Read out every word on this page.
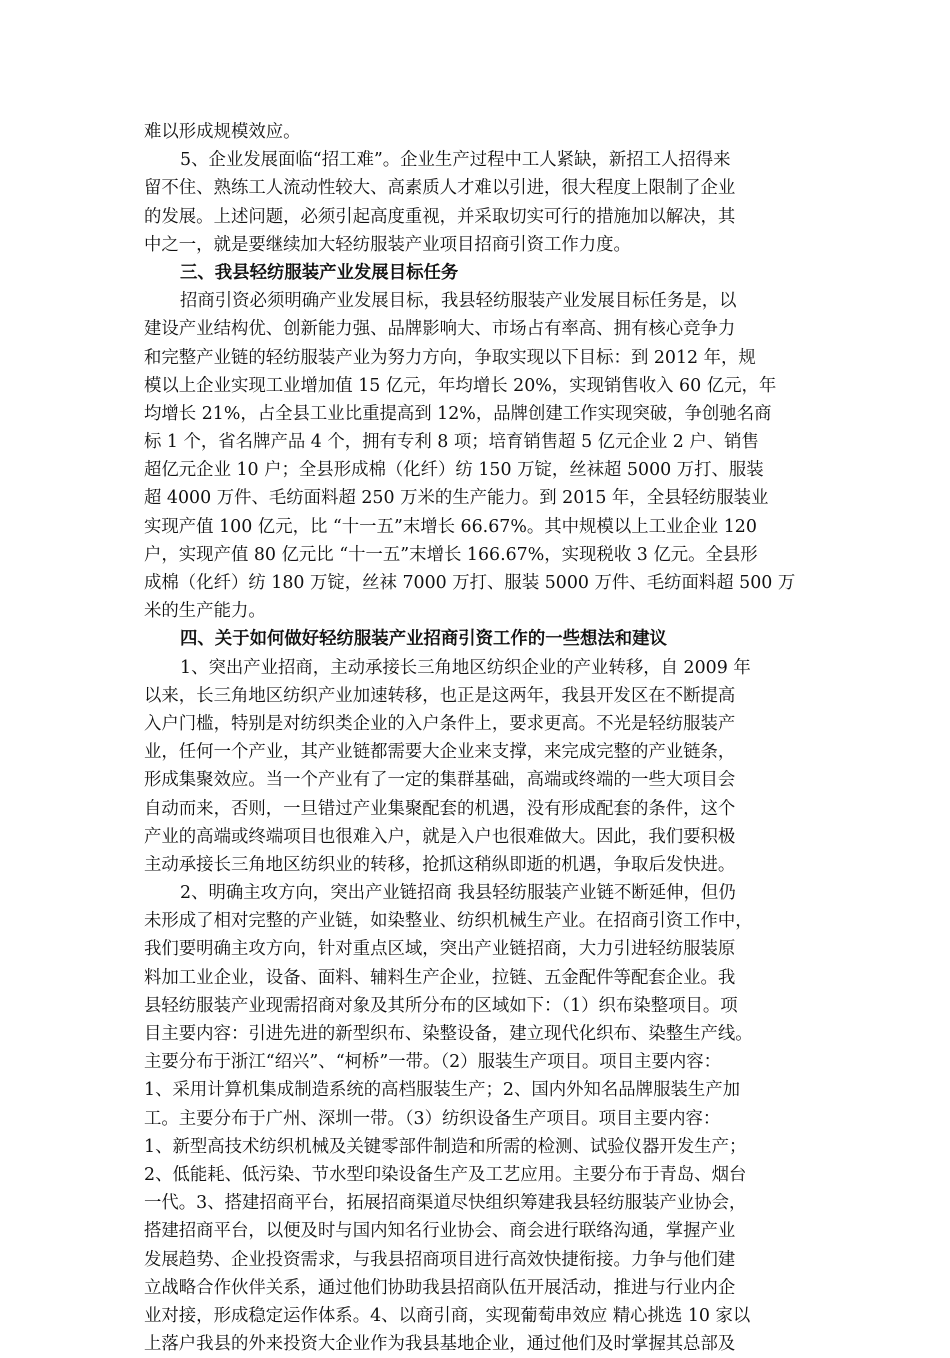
难以形成规模效应。
5、企业发展面临“招工难”。企业生产过程中工人紧缺，新招工人招得来
留不住、熟练工人流动性较大、高素质人才难以引进，很大程度上限制了企业
的发展。上述问题，必须引起高度重视，并采取切实可行的措施加以解决，其
中之一，就是要继续加大轻纺服装产业项目招商引资工作力度。
三、我县轻纺服装产业发展目标任务
招商引资必须明确产业发展目标，我县轻纺服装产业发展目标任务是，以
建设产业结构优、创新能力强、品牌影响大、市场占有率高、拥有核心竞争力
和完整产业链的轻纺服装产业为努力方向，争取实现以下目标：到 2012 年，规
模以上企业实现工业增加值 15 亿元，年均增长 20%，实现销售收入 60 亿元，年
均增长 21%，占全县工业比重提高到 12%，品牌创建工作实现突破，争创驰名商
标 1 个，省名牌产品 4 个，拥有专利 8 项；培育销售超 5 亿元企业 2 户、销售
超亿元企业 10 户；全县形成棉（化纤）纺 150 万锭，丝袜超 5000 万打、服装
超 4000 万件、毛纺面料超 250 万米的生产能力。到 2015 年，全县轻纺服装业
实现产值 100 亿元，比 “十一五”末增长 66.67%。其中规模以上工业企业 120
户，实现产值 80 亿元比 “十一五”末增长 166.67%，实现税收 3 亿元。全县形
成棉（化纤）纺 180 万锭，丝袜 7000 万打、服装 5000 万件、毛纺面料超 500 万
米的生产能力。
四、关于如何做好轻纺服装产业招商引资工作的一些想法和建议
1、突出产业招商，主动承接长三角地区纺织企业的产业转移，自 2009 年
以来，长三角地区纺织产业加速转移，也正是这两年，我县开发区在不断提高
入户门槛，特别是对纺织类企业的入户条件上，要求更高。不光是轻纺服装产
业，任何一个产业，其产业链都需要大企业来支撑，来完成完整的产业链条，
形成集聚效应。当一个产业有了一定的集群基础，高端或终端的一些大项目会
自动而来，否则，一旦错过产业集聚配套的机遇，没有形成配套的条件，这个
产业的高端或终端项目也很难入户，就是入户也很难做大。因此，我们要积极
主动承接长三角地区纺织业的转移，抢抓这稍纵即逝的机遇，争取后发快进。
2、明确主攻方向，突出产业链招商 我县轻纺服装产业链不断延伸，但仍
未形成了相对完整的产业链，如染整业、纺织机械生产业。在招商引资工作中，
我们要明确主攻方向，针对重点区域，突出产业链招商，大力引进轻纺服装原
料加工业企业，设备、面料、辅料生产企业，拉链、五金配件等配套企业。我
县轻纺服装产业现需招商对象及其所分布的区域如下：（1）织布染整项目。项
目主要内容：引进先进的新型织布、染整设备，建立现代化织布、染整生产线。
主要分布于浙江“绍兴”、“柯桥”一带。（2）服装生产项目。项目主要内容：
1、采用计算机集成制造系统的高档服装生产；2、国内外知名品牌服装生产加
工。主要分布于广州、深圳一带。（3）纺织设备生产项目。项目主要内容：
1、新型高技术纺织机械及关键零部件制造和所需的检测、试验仪器开发生产；
2、低能耗、低污染、节水型印染设备生产及工艺应用。主要分布于青岛、烟台
一代。3、搭建招商平台，拓展招商渠道尽快组织筹建我县轻纺服装产业协会，
搭建招商平台，以便及时与国内知名行业协会、商会进行联络沟通，掌握产业
发展趋势、企业投资需求，与我县招商项目进行高效快捷衔接。力争与他们建
立战略合作伙伴关系，通过他们协助我县招商队伍开展活动，推进与行业内企
业对接，形成稳定运作体系。4、以商引商，实现葡萄串效应 精心挑选 10 家以
上落户我县的外来投资大企业作为我县基地企业，通过他们及时掌握其总部及
